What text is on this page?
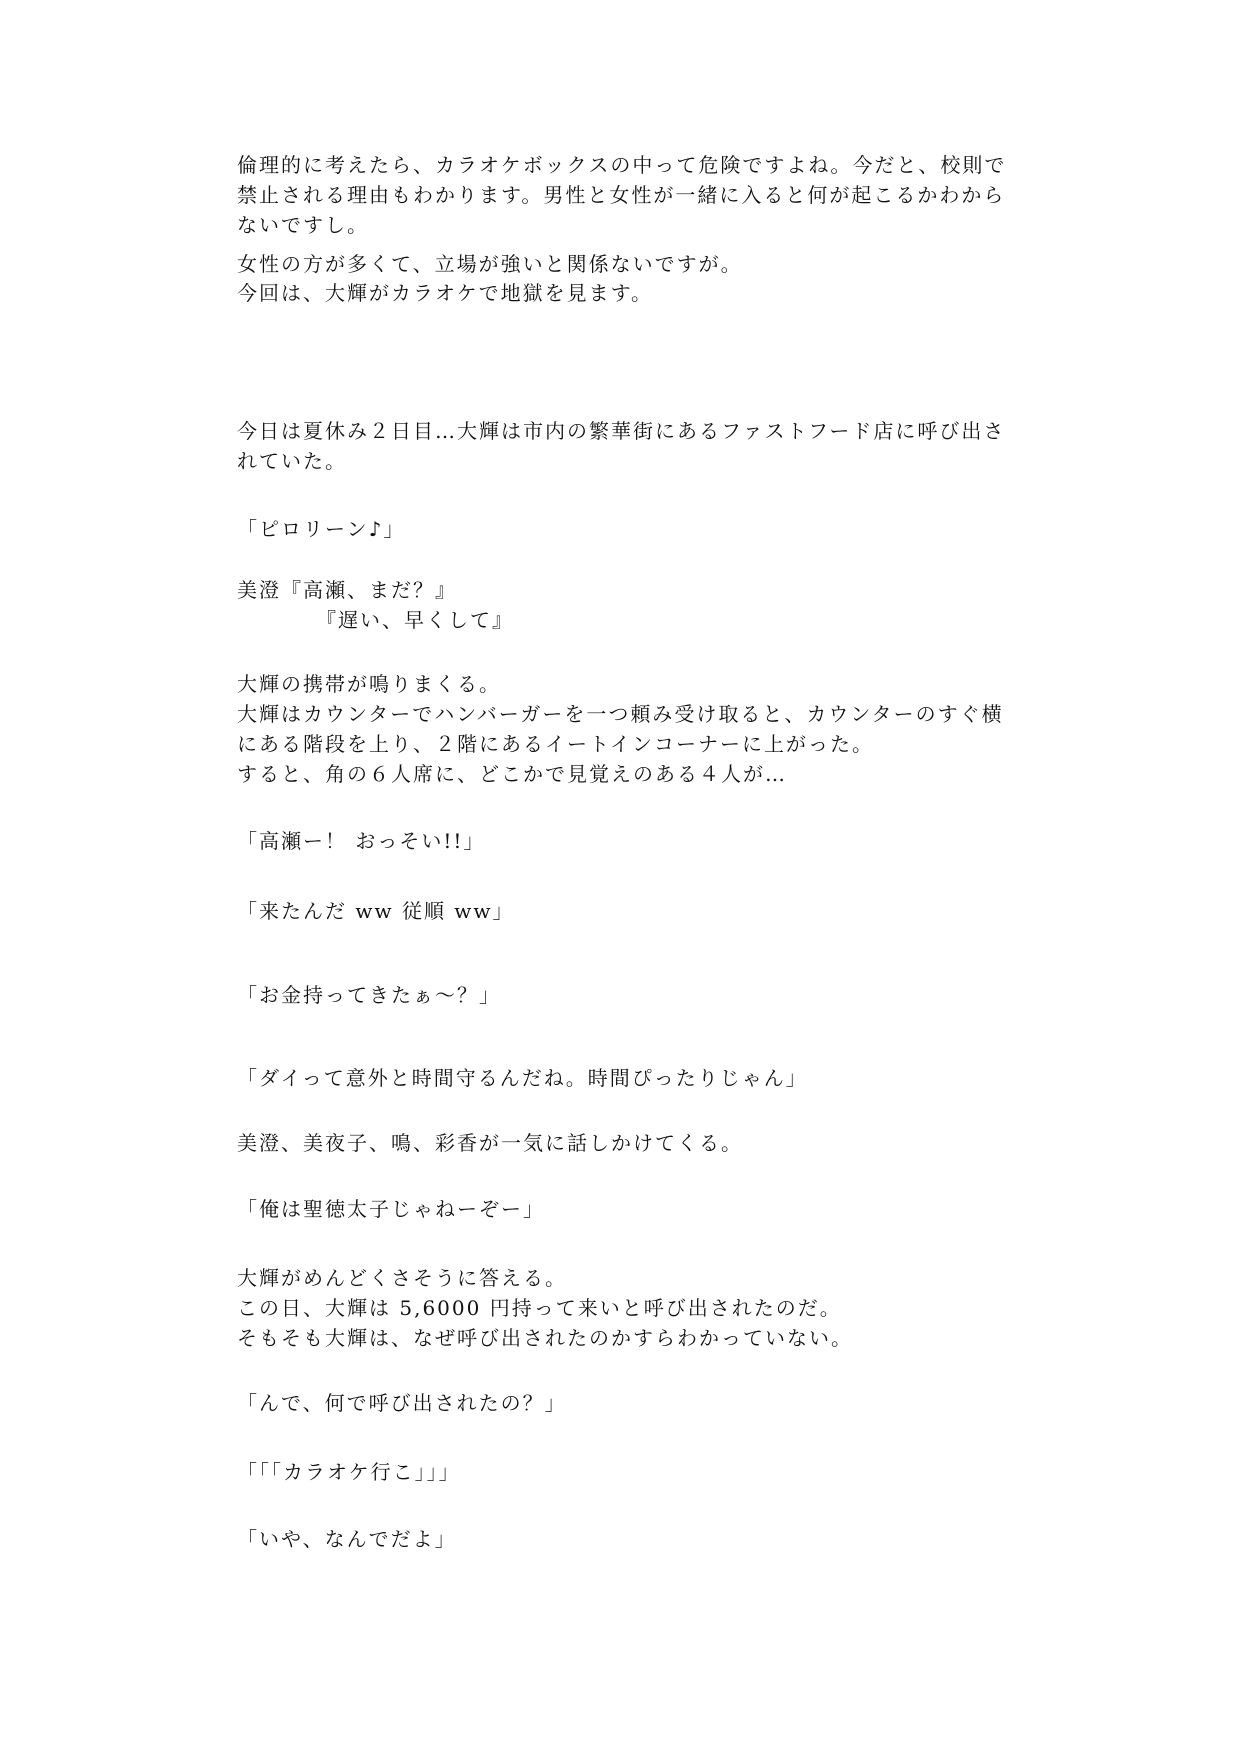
倫理的に考えたら、カラオケボックスの中って危険ですよね。今だと、校則で
禁止される理由もわかります。男性と女性が一緒に入ると何が起こるかわから
ないですし。
女性の方が多くて、立場が強いと関係ないですが。
今回は、大輝がカラオケで地獄を見ます。
今日は夏休み２日目…大輝は市内の繁華街にあるファストフード店に呼び出さ
れていた。
「ピロリーン♪」
美澄『高瀬、まだ？』
『遅い、早くして』
大輝の携帯が鳴りまくる。
大輝はカウンターでハンバーガーを一つ頼み受け取ると、カウンターのすぐ横
にある階段を上り、２階にあるイートインコーナーに上がった。
すると、角の６人席に、どこかで見覚えのある４人が…
「高瀬ー！ おっそい!!」
「来たんだ ww 従順 ww」
「お金持ってきたぁ〜？」
「ダイって意外と時間守るんだね。時間ぴったりじゃん」
美澄、美夜子、鳴、彩香が一気に話しかけてくる。
「俺は聖徳太子じゃねーぞー」
大輝がめんどくさそうに答える。
この日、大輝は 5,6000 円持って来いと呼び出されたのだ。
そもそも大輝は、なぜ呼び出されたのかすらわかっていない。
「んで、何で呼び出されたの？」
「「「カラオケ行こ」」」
「いや、なんでだよ」
